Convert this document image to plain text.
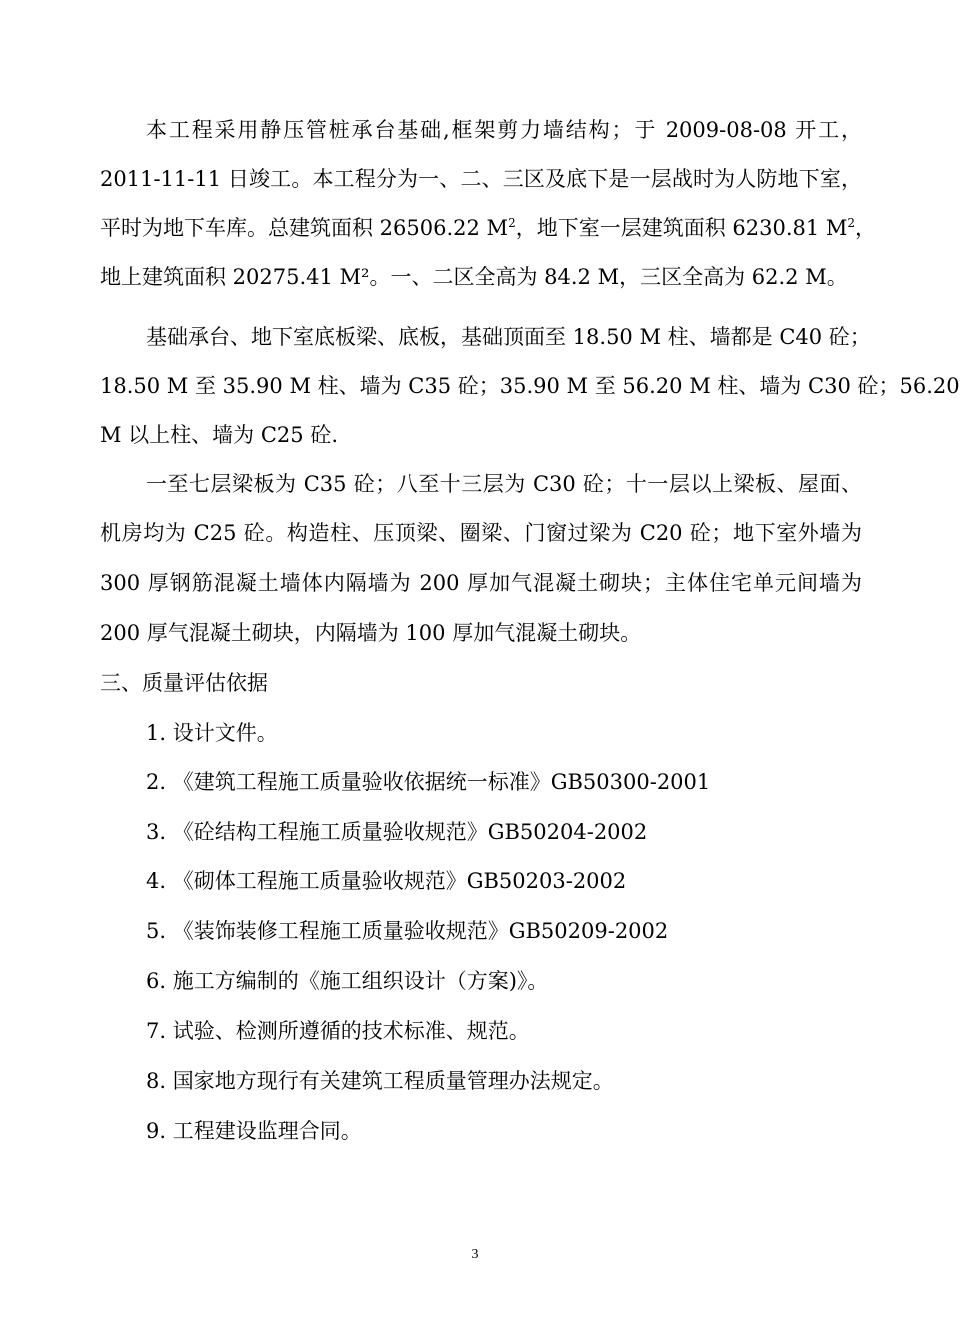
本工程采用静压管桩承台基础,框架剪力墙结构；于 2009-08-08 开工，
2011-11-11 日竣工。本工程分为一、二、三区及底下是一层战时为人防地下室，
平时为地下车库。总建筑面积 26506.22 $M^2$，地下室一层建筑面积 6230.81 $M^2$，
地上建筑面积 20275.41 M²。一、二区全高为 84.2 M，三区全高为 62.2 M。
基础承台、地下室底板梁、底板，基础顶面至 18.50 M 柱、墙都是 C40 砼；
18.50 M 至 35.90 M 柱、墙为 C35 砼；35.90 M 至 56.20 M 柱、墙为 C30 砼；56.20
M 以上柱、墙为 C25 砼.
一至七层梁板为 C35 砼；八至十三层为 C30 砼；十一层以上梁板、屋面、
机房均为 C25 砼。构造柱、压顶梁、圈梁、门窗过梁为 C20 砼；地下室外墙为
300 厚钢筋混凝土墙体内隔墙为 200 厚加气混凝土砌块；主体住宅单元间墙为
200 厚气混凝土砌块，内隔墙为 100 厚加气混凝土砌块。
三、质量评估依据
1. 设计文件。
2. 《建筑工程施工质量验收依据统一标准》GB50300-2001
3. 《砼结构工程施工质量验收规范》GB50204-2002
4. 《砌体工程施工质量验收规范》GB50203-2002
5. 《装饰装修工程施工质量验收规范》GB50209-2002
6. 施工方编制的《施工组织设计（方案)》。
7. 试验、检测所遵循的技术标准、规范。
8. 国家地方现行有关建筑工程质量管理办法规定。
9. 工程建设监理合同。
3
